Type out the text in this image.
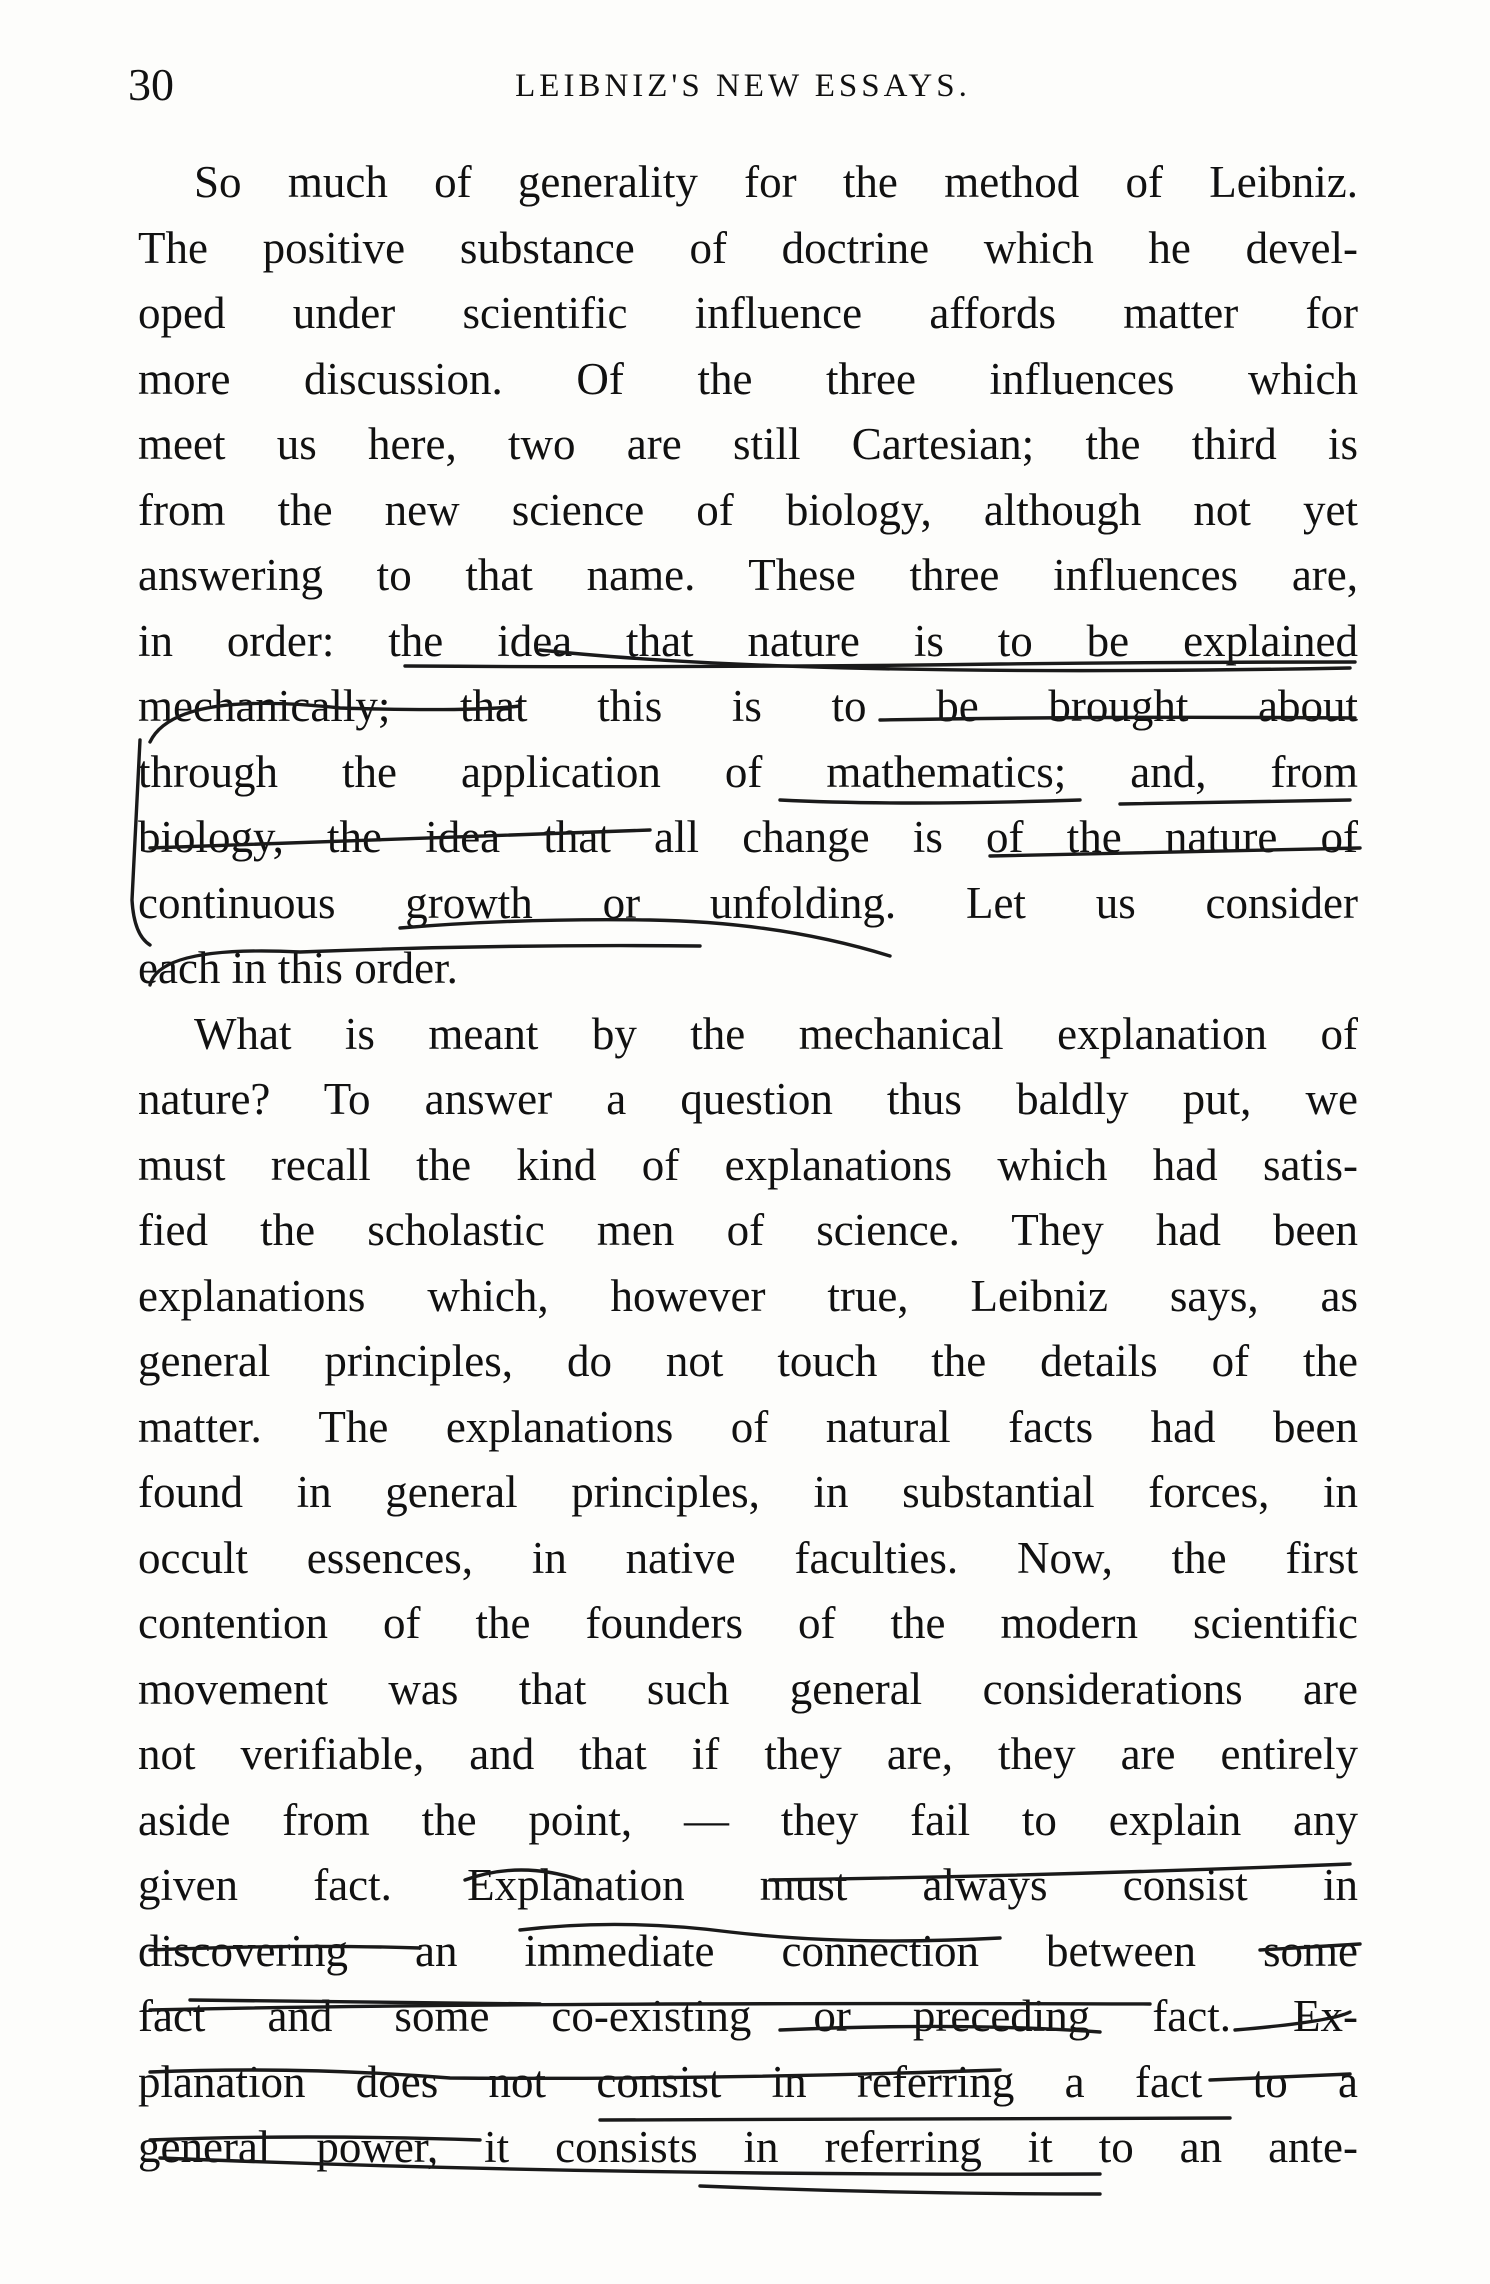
30	LEIBNIZ'S NEW ESSAYS.
So much of generality for the method of Leibniz.
The positive substance of doctrine which he devel-
oped under scientific influence affords matter for
more discussion. Of the three influences which
meet us here, two are still Cartesian; the third is
from the new science of biology, although not yet
answering to that name. These three influences are,
in order: the idea that nature is to be explained
mechanically; that this is to be brought about
through the application of mathematics; and, from
biology, the idea that all change is of the nature of
continuous growth or unfolding. Let us consider
each in this order.
What is meant by the mechanical explanation of
nature? To answer a question thus baldly put, we
must recall the kind of explanations which had satis-
fied the scholastic men of science. They had been
explanations which, however true, Leibniz says, as
general principles, do not touch the details of the
matter. The explanations of natural facts had been
found in general principles, in substantial forces, in
occult essences, in native faculties. Now, the first
contention of the founders of the modern scientific
movement was that such general considerations are
not verifiable, and that if they are, they are entirely
aside from the point, — they fail to explain any
given fact. Explanation must always consist in
discovering an immediate connection between some
fact and some co-existing or preceding fact. Ex-
planation does not consist in referring a fact to a
general power, it consists in referring it to an ante-
